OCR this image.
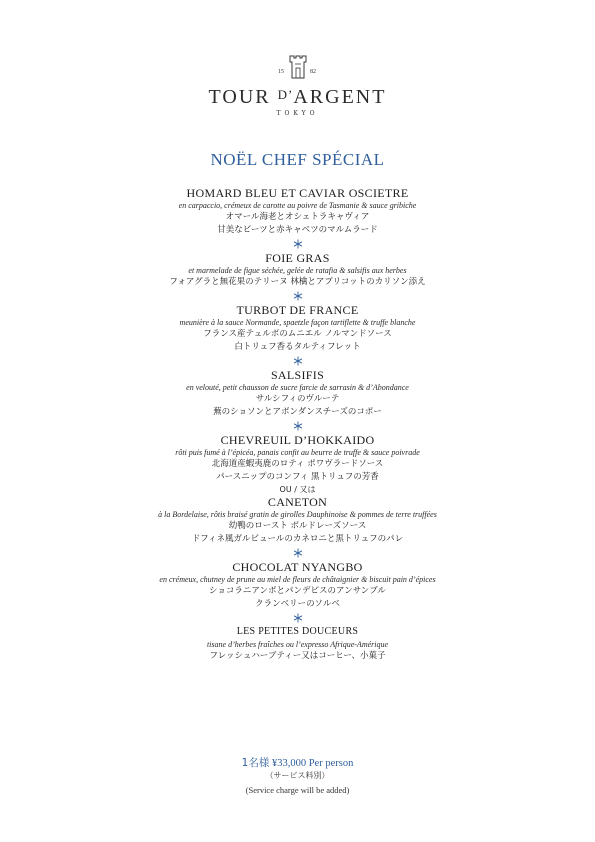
15	82
TOUR $^{D’}$ARGENT
TOKYO
NOËL CHEF SPÉCIAL
HOMARD BLEU ET CAVIAR OSCIETRE
en carpaccio, crémeux de carotte au poivre de Tasmanie & sauce gribiche
オマール海老とオシェトラキャヴィア
甘美なビーツと赤キャベツのマルムラード
FOIE GRAS
et marmelade de figue séchée, gelée de ratafia & salsifis aux herbes
フォアグラと無花果のテリーヌ 林檎とアプリコットのカリソン添え
TURBOT DE FRANCE
meunière à la sauce Normande, spaetzle façon tartiflette & truffe blanche
フランス産テュルボのムニエル ノルマンドソース
白トリュフ香るタルティフレット
SALSIFIS
en velouté, petit chausson de sucre farcie de sarrasin & d’Abondance
サルシフィのヴルーテ
蕪のショソンとアボンダンスチーズのコポー
CHEVREUIL D’HOKKAIDO
rôti puis fumé à l’épicéa, panais confit au beurre de truffe & sauce poivrade
北海道産蝦夷鹿のロティ ポワヴラードソース
パースニップのコンフィ 黒トリュフの芳香
OU / 又は
CANETON
à la Bordelaise, rôtis braisé gratin de girolles Dauphinoise & pommes de terre truffées
幼鴨のロースト ボルドレーズソース
ドフィネ風ガルビュールのカネロニと黒トリュフのパレ
CHOCOLAT NYANGBO
en crémeux, chutney de prune au miel de fleurs de châtaignier & biscuit pain d’épices
ショコラニアンボとパンデピスのアンサンブル
クランベリーのソルベ
LES PETITES DOUCEURS
tisane d’herbes fraîches ou l’expresso Afrique-Amérique
フレッシュハーブティー又はコーヒー、小菓子
1名様 ¥33,000 Per person
（サービス料別）
(Service charge will be added)
